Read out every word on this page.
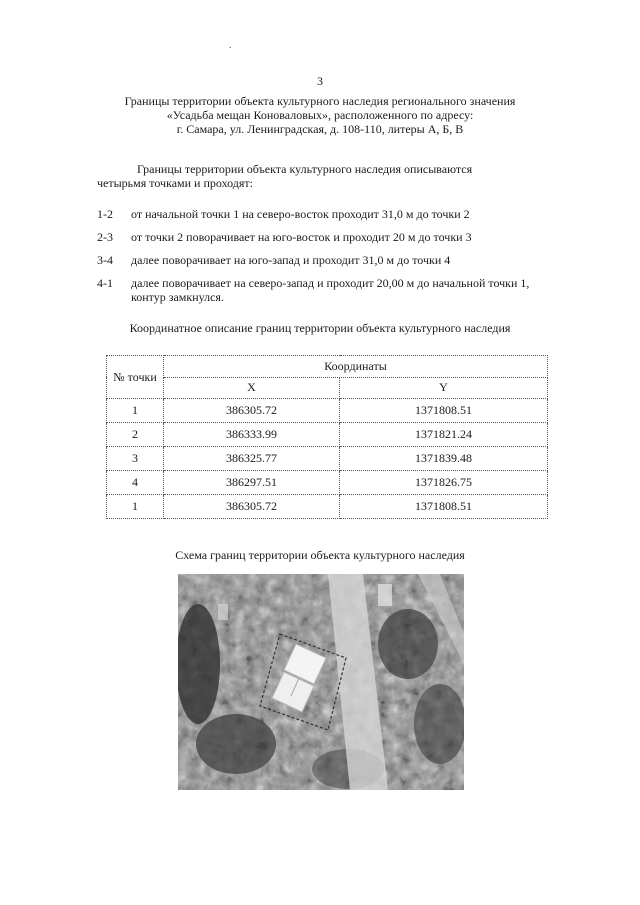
.
3
Границы территории объекта культурного наследия регионального значения
«Усадьба мещан Коноваловых», расположенного по адресу:
г. Самара, ул. Ленинградская, д. 108-110, литеры А, Б, В
Границы территории объекта культурного наследия описываются
четырьмя точками и проходят:
1-2 от начальной точки 1 на северо-восток проходит 31,0 м до точки 2
2-3 от точки 2 поворачивает на юго-восток и проходит 20 м до точки 3
3-4 далее поворачивает на юго-запад и проходит 31,0 м до точки 4
4-1 далее поворачивает на северо-запад и проходит 20,00 м до начальной точки 1,
контур замкнулся.
Координатное описание границ территории объекта культурного наследия
№ точки	Координаты	
	X	Y
1	386305.72	1371808.51
2	386333.99	1371821.24
3	386325.77	1371839.48
4	386297.51	1371826.75
1	386305.72	1371808.51
Схема границ территории объекта культурного наследия
